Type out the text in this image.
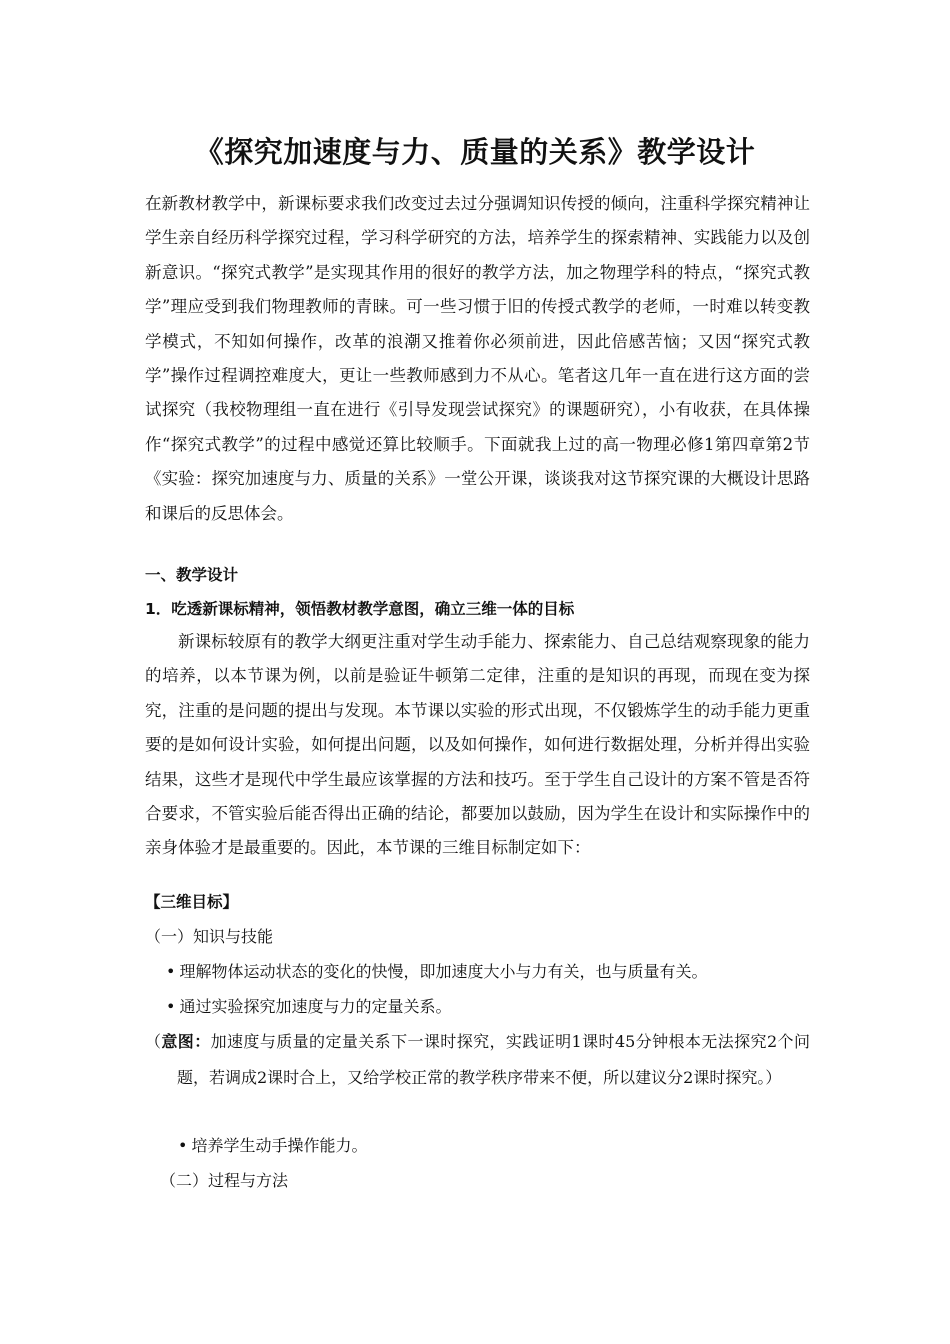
《探究加速度与力、质量的关系》教学设计
在新教材教学中，新课标要求我们改变过去过分强调知识传授的倾向，注重科学探究精神让学生亲自经历科学探究过程，学习科学研究的方法，培养学生的探索精神、实践能力以及创新意识。“探究式教学”是实现其作用的很好的教学方法，加之物理学科的特点，“探究式教学”理应受到我们物理教师的青睐。可一些习惯于旧的传授式教学的老师，一时难以转变教学模式，不知如何操作，改革的浪潮又推着你必须前进，因此倍感苦恼；又因“探究式教学”操作过程调控难度大，更让一些教师感到力不从心。笔者这几年一直在进行这方面的尝试探究（我校物理组一直在进行《引导发现尝试探究》的课题研究），小有收获，在具体操作“探究式教学”的过程中感觉还算比较顺手。下面就我上过的高一物理必修1第四章第2节《实验：探究加速度与力、质量的关系》一堂公开课，谈谈我对这节探究课的大概设计思路和课后的反思体会。
一、教学设计
1．吃透新课标精神，领悟教材教学意图，确立三维一体的目标
新课标较原有的教学大纲更注重对学生动手能力、探索能力、自己总结观察现象的能力的培养，以本节课为例，以前是验证牛顿第二定律，注重的是知识的再现，而现在变为探究，注重的是问题的提出与发现。本节课以实验的形式出现，不仅锻炼学生的动手能力更重要的是如何设计实验，如何提出问题，以及如何操作，如何进行数据处理，分析并得出实验结果，这些才是现代中学生最应该掌握的方法和技巧。至于学生自己设计的方案不管是否符合要求，不管实验后能否得出正确的结论，都要加以鼓励，因为学生在设计和实际操作中的亲身体验才是最重要的。因此，本节课的三维目标制定如下：
【三维目标】
（一）知识与技能
• 理解物体运动状态的变化的快慢，即加速度大小与力有关，也与质量有关。
• 通过实验探究加速度与力的定量关系。
（意图：加速度与质量的定量关系下一课时探究，实践证明1课时45分钟根本无法探究2个问题，若调成2课时合上，又给学校正常的教学秩序带来不便，所以建议分2课时探究。）
• 培养学生动手操作能力。
（二）过程与方法
